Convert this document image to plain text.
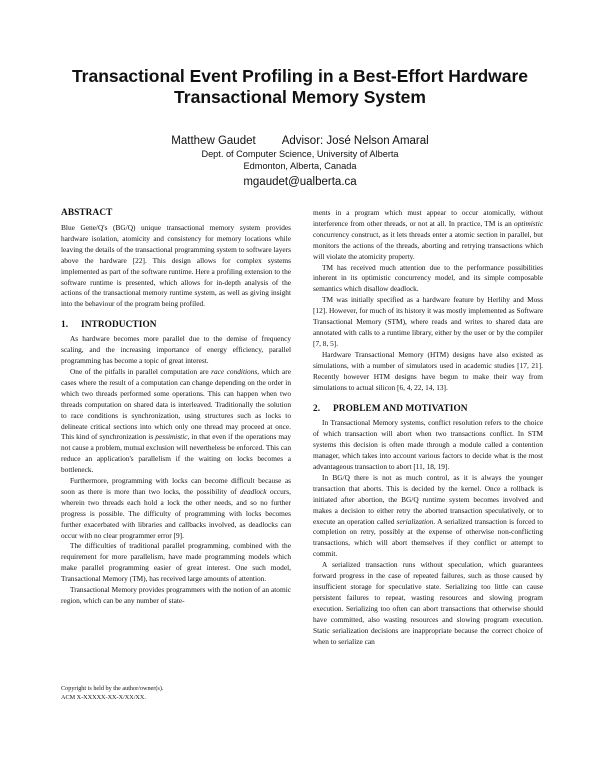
Transactional Event Profiling in a Best-Effort Hardware
Transactional Memory System
Matthew Gaudet Advisor: José Nelson Amaral
Dept. of Computer Science, University of Alberta
Edmonton, Alberta, Canada
mgaudet@ualberta.ca
ABSTRACT

Blue Gene/Q's (BG/Q) unique transactional memory system provides hardware isolation, atomicity and consistency for memory locations while leaving the details of the transactional programming system to software layers above the hardware [22]. This design allows for complex systems implemented as part of the software runtime. Here a profiling extension to the software runtime is presented, which allows for in-depth analysis of the actions of the transactional memory runtime system, as well as giving insight into the behaviour of the program being profiled.

1. INTRODUCTION

As hardware becomes more parallel due to the demise of frequency scaling, and the increasing importance of energy efficiency, parallel programming has become a topic of great interest.

One of the pitfalls in parallel computation are race conditions, which are cases where the result of a computation can change depending on the order in which two threads performed some operations. This can happen when two threads computation on shared data is interleaved. Traditionally the solution to race conditions is synchronization, using structures such as locks to delineate critical sections into which only one thread may proceed at once. This kind of synchronization is pessimistic, in that even if the operations may not cause a problem, mutual exclusion will nevertheless be enforced. This can reduce an application's parallelism if the waiting on locks becomes a bottleneck.

Furthermore, programming with locks can become difficult because as soon as there is more than two locks, the possibility of deadlock occurs, wherein two threads each hold a lock the other needs, and so no further progress is possible. The difficulty of programming with locks becomes further exacerbated with libraries and callbacks involved, as deadlocks can occur with no clear programmer error [9].

The difficulties of traditional parallel programming, combined with the requirement for more parallelism, have made programming models which make parallel programming easier of great interest. One such model, Transactional Memory (TM), has received large amounts of attention.

Transactional Memory provides programmers with the notion of an atomic region, which can be any number of state-

Copyright is held by the author/owner(s).
ACM X-XXXXX-XX-X/XX/XX.

ments in a program which must appear to occur atomically, without interference from other threads, or not at all. In practice, TM is an optimistic concurrency construct, as it lets threads enter a atomic section in parallel, but monitors the actions of the threads, aborting and retrying transactions which will violate the atomicity property.

TM has received much attention due to the performance possibilities inherent in its optimistic concurrency model, and its simple composable semantics which disallow deadlock.

TM was initially specified as a hardware feature by Herlihy and Moss [12]. However, for much of its history it was mostly implemented as Software Transactional Memory (STM), where reads and writes to shared data are annotated with calls to a runtime library, either by the user or by the compiler [7, 8, 5].

Hardware Transactional Memory (HTM) designs have also existed as simulations, with a number of simulators used in academic studies [17, 21]. Recently however HTM designs have begun to make their way from simulations to actual silicon [6, 4, 22, 14, 13].

2. PROBLEM AND MOTIVATION

In Transactional Memory systems, conflict resolution refers to the choice of which transaction will abort when two transactions conflict. In STM systems this decision is often made through a module called a contention manager, which takes into account various factors to decide what is the most advantageous transaction to abort [11, 18, 19].

In BG/Q there is not as much control, as it is always the younger transaction that aborts. This is decided by the kernel. Once a rollback is initiated after abortion, the BG/Q runtime system becomes involved and makes a decision to either retry the aborted transaction speculatively, or to execute an operation called serialization. A serialized transaction is forced to completion on retry, possibly at the expense of otherwise non-conflicting transactions, which will abort themselves if they conflict or attempt to commit.

A serialized transaction runs without speculation, which guarantees forward progress in the case of repeated failures, such as those caused by insufficient storage for speculative state. Serializing too little can cause persistent failures to repeat, wasting resources and slowing program execution. Serializing too often can abort transactions that otherwise should have committed, also wasting resources and slowing program execution. Static serialization decisions are inappropriate because the correct choice of when to serialize can
